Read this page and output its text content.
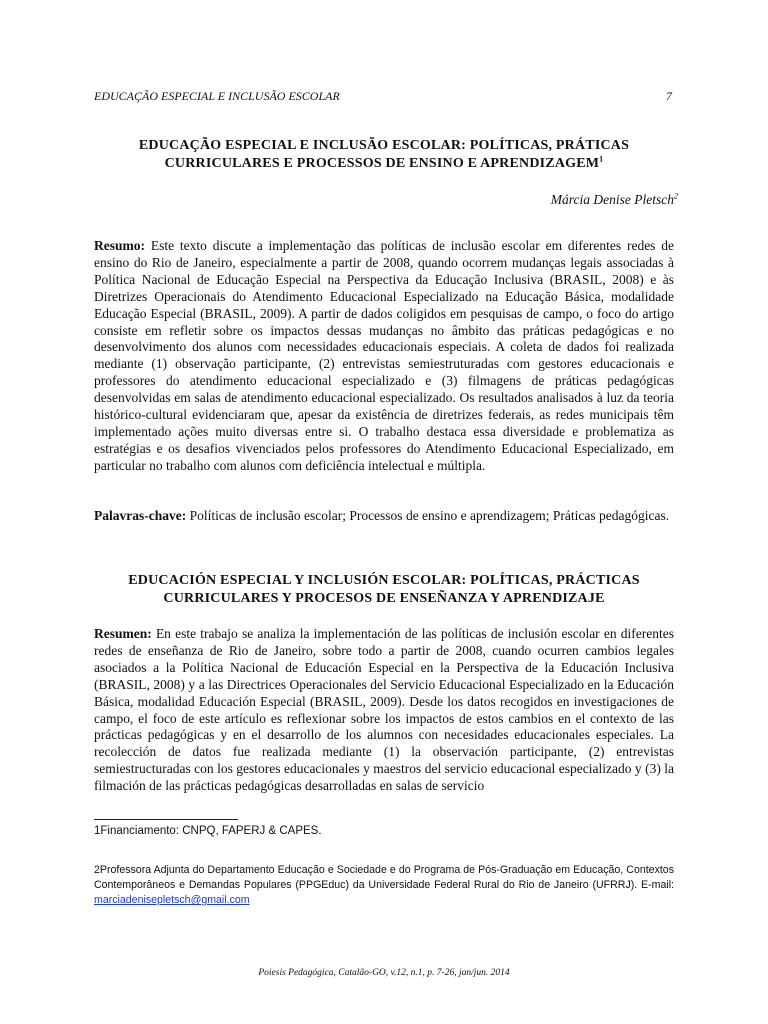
EDUCAÇÃO ESPECIAL E INCLUSÃO ESCOLAR	7
EDUCAÇÃO ESPECIAL E INCLUSÃO ESCOLAR: POLÍTICAS, PRÁTICAS
CURRICULARES E PROCESSOS DE ENSINO E APRENDIZAGEM$^1$
Márcia Denise Pletsch$^2$
Resumo: Este texto discute a implementação das políticas de inclusão escolar em diferentes redes de ensino do Rio de Janeiro, especialmente a partir de 2008, quando ocorrem mudanças legais associadas à Política Nacional de Educação Especial na Perspectiva da Educação Inclusiva (BRASIL, 2008) e às Diretrizes Operacionais do Atendimento Educacional Especializado na Educação Básica, modalidade Educação Especial (BRASIL, 2009). A partir de dados coligidos em pesquisas de campo, o foco do artigo consiste em refletir sobre os impactos dessas mudanças no âmbito das práticas pedagógicas e no desenvolvimento dos alunos com necessidades educacionais especiais. A coleta de dados foi realizada mediante (1) observação participante, (2) entrevistas semiestruturadas com gestores educacionais e professores do atendimento educacional especializado e (3) filmagens de práticas pedagógicas desenvolvidas em salas de atendimento educacional especializado. Os resultados analisados à luz da teoria histórico-cultural evidenciaram que, apesar da existência de diretrizes federais, as redes municipais têm implementado ações muito diversas entre si. O trabalho destaca essa diversidade e problematiza as estratégias e os desafios vivenciados pelos professores do Atendimento Educacional Especializado, em particular no trabalho com alunos com deficiência intelectual e múltipla.
Palavras-chave: Políticas de inclusão escolar; Processos de ensino e aprendizagem; Práticas pedagógicas.
EDUCACIÓN ESPECIAL Y INCLUSIÓN ESCOLAR: POLÍTICAS, PRÁCTICAS
CURRICULARES Y PROCESOS DE ENSEÑANZA Y APRENDIZAJE
Resumen: En este trabajo se analiza la implementación de las políticas de inclusión escolar en diferentes redes de enseñanza de Rio de Janeiro, sobre todo a partir de 2008, cuando ocurren cambios legales asociados a la Política Nacional de Educación Especial en la Perspectiva de la Educación Inclusiva (BRASIL, 2008) y a las Directrices Operacionales del Servicio Educacional Especializado en la Educación Básica, modalidad Educación Especial (BRASIL, 2009). Desde los datos recogidos en investigaciones de campo, el foco de este artículo es reflexionar sobre los impactos de estos cambios en el contexto de las prácticas pedagógicas y en el desarrollo de los alumnos con necesidades educacionales especiales. La recolección de datos fue realizada mediante (1) la observación participante, (2) entrevistas semiestructuradas con los gestores educacionales y maestros del servicio educacional especializado y (3) la filmación de las prácticas pedagógicas desarrolladas en salas de servicio
1Financiamento: CNPQ, FAPERJ & CAPES.
2Professora Adjunta do Departamento Educação e Sociedade e do Programa de Pós-Graduação em Educação, Contextos Contemporâneos e Demandas Populares (PPGEduc) da Universidade Federal Rural do Rio de Janeiro (UFRRJ). E-mail: marciadenisepletsch@gmail.com
Poiesis Pedagógica, Catalão-GO, v.12, n.1, p. 7-26, jan/jun. 2014
